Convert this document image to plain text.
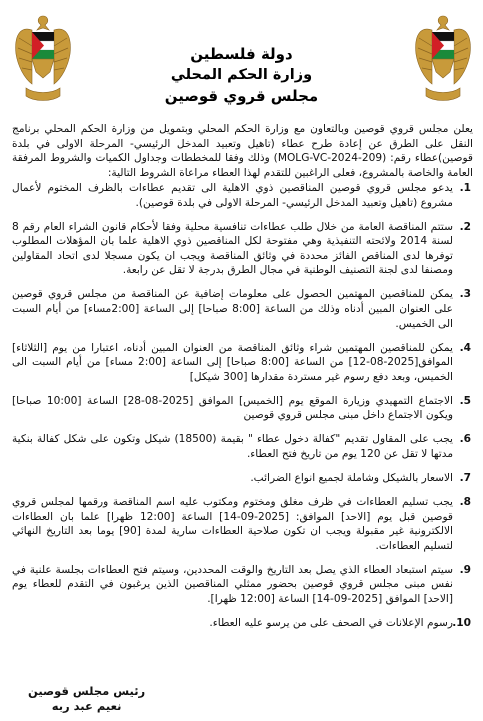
دولة فلسطين
وزارة الحكم المحلي
مجلس قروي قوصين

يعلن مجلس قروي قوصين وبالتعاون مع وزارة الحكم المحلي وبتمويل من وزارة الحكم المحلي برنامج النقل على الطرق عن إعادة طرح عطاء (تاهيل وتعبيد المدخل الرئيسي- المرحلة الاولى في بلدة قوصين)عطاء رقم: (MOLG-VC-2024-209) وذلك وفقا للمخططات وجداول الكميات والشروط المرفقة العامة والخاصة بالمشروع، فعلى الراغبين للتقدم لهذا العطاء مراعاة الشروط التالية:

1.
يدعو مجلس قروي قوصين المناقصين ذوي الاهلية الى تقديم عطاءات بالظرف المختوم لأعمال مشروع (تاهيل وتعبيد المدخل الرئيسي- المرحلة الاولى في بلدة قوصين).
2.
ستتم المناقصة العامة من خلال طلب عطاءات تنافسية محلية وفقا لأحكام قانون الشراء العام رقم 8 لسنة 2014 ولائحته التنفيذية وهي مفتوحة لكل المناقصين ذوي الاهلية علما بان المؤهلات المطلوب توفرها لدى المناقص الفائز محددة في وثائق المناقصة ويجب ان يكون مسجلا لدى اتحاد المقاولين ومصنفا لدى لجنة التصنيف الوطنية في مجال الطرق بدرجة لا تقل عن رابعة.
3.
يمكن للمناقصين المهتمين الحصول على معلومات إضافية عن المناقصة من مجلس قروي قوصين على العنوان المبين أدناه وذلك من الساعة [8:00 صباحا] إلى الساعة [2:00مساء] من أيام السبت الى الخميس.
4.
يمكن للمناقصين المهتمين شراء وثائق المناقصة من العنوان المبين أدناه، اعتبارا من يوم [الثلاثاء] الموافق[2025-08-12] من الساعة [8:00 صباحا] إلى الساعة [2:00 مساء] من أيام السبت الى الخميس، وبعد دفع رسوم غير مستردة مقدارها [300 شيكل]
5.
الاجتماع التمهيدي وزيارة الموقع يوم [الخميس] الموافق [2025-08-28] الساعة [10:00 صباحا] ويكون الاجتماع داخل مبنى مجلس قروي قوصين
6.
يجب على المقاول تقديم "كفالة دخول عطاء " بقيمة (18500) شيكل وتكون على شكل كفالة بنكية مدتها لا تقل عن 120 يوم من تاريخ فتح العطاء.
7.
الاسعار بالشيكل وشاملة لجميع انواع الضرائب.
8.
يجب تسليم العطاءات في ظرف مغلق ومختوم ومكتوب عليه اسم المناقصة ورقمها لمجلس قروي قوصين قبل يوم [الاحد] الموافق: [2025-09-14] الساعة [12:00 ظهرا] علما بان العطاءات الالكترونية غير مقبولة ويجب ان تكون صلاحية العطاءات سارية لمدة [90] يوما بعد التاريخ النهائي لتسليم العطاءات.
9.
سيتم استبعاد العطاء الذي يصل بعد التاريخ والوقت المحددين، وسيتم فتح العطاءات بجلسة علنية في نفس مبنى مجلس قروي قوصين بحضور ممثلي المناقصين الذين يرغبون في التقدم للعطاء يوم [الاحد] الموافق [2025-09-14] الساعة [12:00 ظهرا].
10.
رسوم الإعلانات في الصحف على من يرسو عليه العطاء.
رئيس مجلس قوصين
نعيم عبد ربه
